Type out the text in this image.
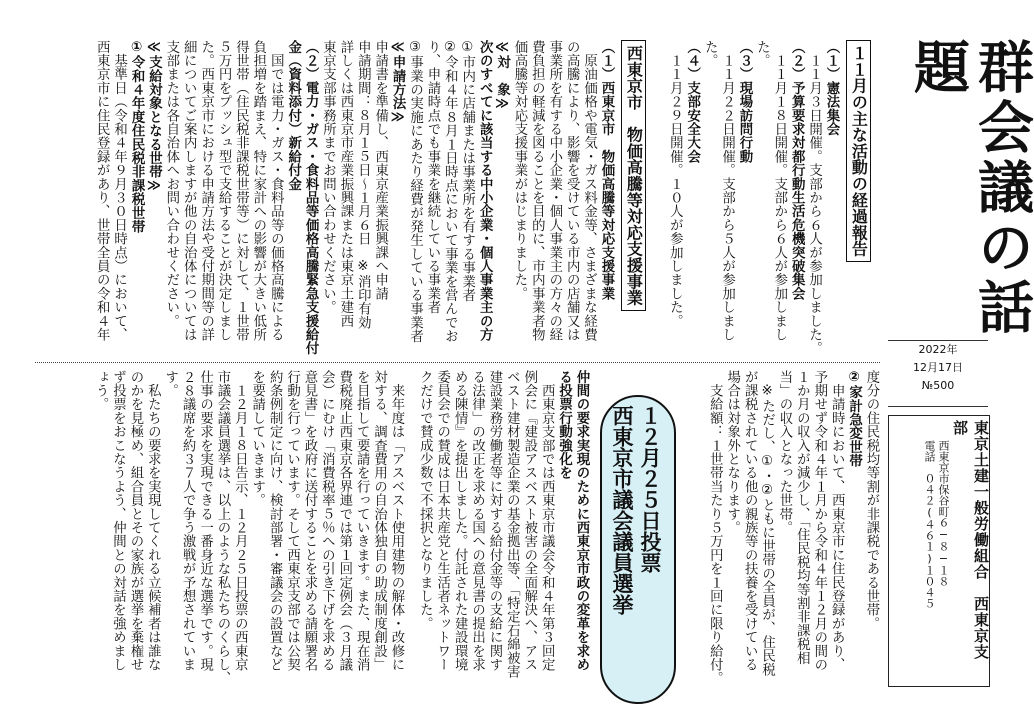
群会議の話題
2022年
12月17日
№500
東京土建一般労働組合　西東京支部
西東京市保谷町６−８−１８
電話　０４２(４６１)１０４５
１１月の主な活動の経過報告
（１）憲法集会
　１１月３日開催。支部から６人が参加しました。
（２）予算要求対都行動生活危機突破集会
　１１月１８日開催。支部から６人が参加しまし
た。
（３）現場訪問行動
　１１月２２日開催。支部から５人が参加しまし
た。
（４）支部安全大会
　１１月２９日開催。１０人が参加しました。
西東京市　物価高騰等対応支援事業
（１）西東京市　物価高騰等対応支援事業
　原油価格や電気・ガス料金等、さまざまな経費
の高騰により、影響を受けている市内の店舗又は
事業所を有する中小企業・個人事業主の方々の経
費負担の軽減を図ることを目的に、市内事業者物
価高騰等対応支援事業がはじまりました。
≪対　象≫
次のすべてに該当する中小企業・個人事業主の方
①市内に店舗または事業所を有する事業者
②令和４年８月１日時点において事業を営んでお
り、申請時点でも事業を継続している事業者
③事業の実施にあたり経費が発生している事業者
≪申請方法≫
申請書を準備し、西東京産業振興課へ申請
申請期間：８月１５日〜１月６日　※消印有効
詳しくは西東京市産業振興課または東京土建西
東京支部事務所までお問い合わせください。
（２）電力・ガス・食料品等価格高騰緊急支援給付
金（資料添付）新給付金
　国では電力・ガス・食料品等の価格高騰による
負担増を踏まえ、特に家計への影響が大きい低所
得世帯（住民税非課税世帯等）に対して、１世帯
５万円をプッシュ型で支給することが決定しまし
た。西東京市における申請方法や受付期間等の詳
細についてご案内しますが他の自治体については
支部または各自治体へお問い合わせください。
≪支給対象となる世帯≫
①令和４年度住民税非課税世帯
　基準日（令和４年９月３０日時点）において、
西東京市に住民登録があり、世帯全員の令和４年
度分の住民税均等割が非課税である世帯。
②家計急変世帯
　申請時において、西東京市に住民登録があり、
予期せず令和４年１月から令和４年１２月の間の
１か月の収入が減少し、「住民税均等割非課税相
当」の収入となった世帯。
　※ただし、①・②ともに世帯の全員が、住民税
が課税されている他の親族等の扶養を受けている
場合は対象外となります。
　支給額：１世帯当たり５万円を１回に限り給付。
１２月２５日投票
西東京市議会議員選挙
仲間の要求実現のために西東京市政の変革を求め
る投票行動強化を
　西東京支部では西東京市議会令和４年第３回定
例会に『建設アスベスト被害の全面解決へ、アス
ベスト建材製造企業の基金拠出等、「特定石綿被害
建設業務労働者等に対する給付金等の支給に関す
る法律」の改正を求める国への意見書の提出を求
める陳情』を提出しました。付託された建設環境
委員会での賛成は日本共産党と生活者ネットワー
クだけで賛成少数で不採択となりました。
　来年度は「アスベスト使用建物の解体・改修に
対する、調査費用の自治体独自の助成制度創設」
を目指して要請を行っていきます。また、現在消
費税廃止西東京各界連では第１回定例会（３月議
会）にむけ「消費税率５％への引き下げを求める
意見書」を政府に送付することを求める請願署名
行動を行っています。そして西東京支部では公契
約条例制定に向け、検討部署・審議会の設置など
を要請していきます。
　１２月１８日告示、１２月２５日投票の西東京
市議会議員選挙は、以上のような私たちのくらし、
仕事の要求を実現できる一番身近な選挙です。現
２８議席を約３７人で争う激戦が予想されていま
す。
　私たちの要求を実現してくれる立候補者は誰な
のかを見極め、組合員とその家族が選挙を棄権せ
ず投票をおこなうよう、仲間との対話を強めまし
ょう。
